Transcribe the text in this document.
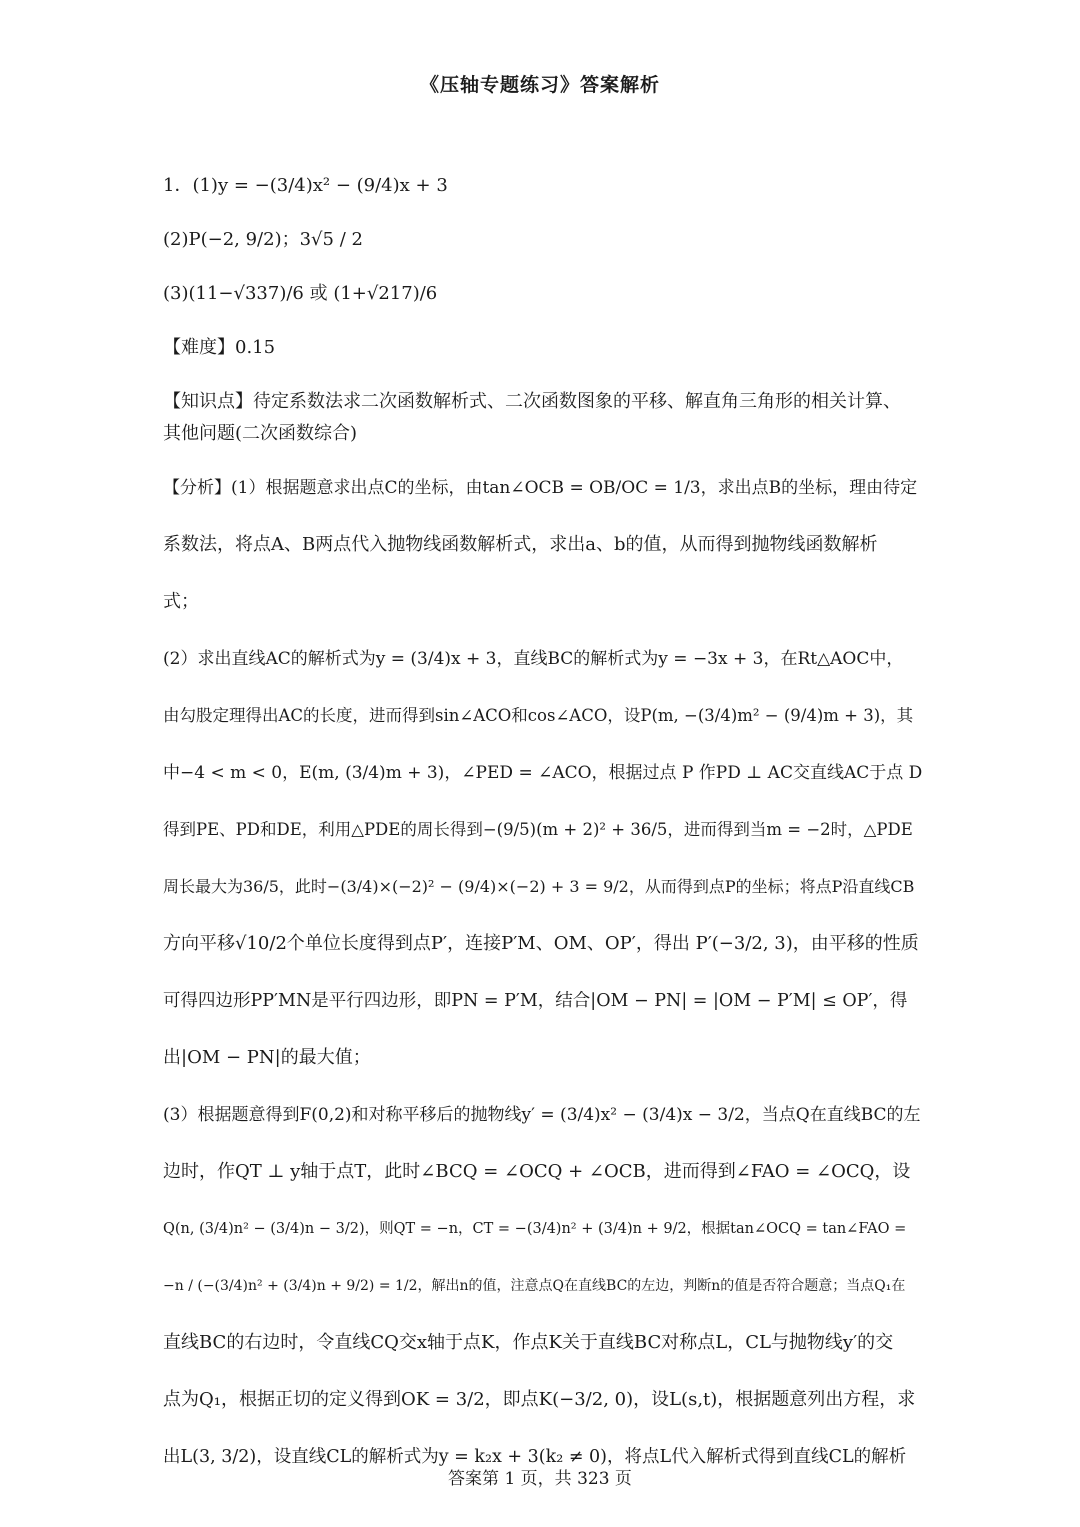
《压轴专题练习》答案解析
1．(1)y = −(3/4)x² − (9/4)x + 3
(2)P(−2, 9/2)；3√5 / 2
(3)(11−√337)/6 或 (1+√217)/6
【难度】0.15
【知识点】待定系数法求二次函数解析式、二次函数图象的平移、解直角三角形的相关计算、
其他问题(二次函数综合)
【分析】(1）根据题意求出点C的坐标，由tan∠OCB = OB/OC = 1/3，求出点B的坐标，理由待定
系数法，将点A、B两点代入抛物线函数解析式，求出a、b的值，从而得到抛物线函数解析
式；
(2）求出直线AC的解析式为y = (3/4)x + 3，直线BC的解析式为y = −3x + 3，在Rt△AOC中，
由勾股定理得出AC的长度，进而得到sin∠ACO和cos∠ACO，设P(m, −(3/4)m² − (9/4)m + 3)，其
中−4 < m < 0，E(m, (3/4)m + 3)，∠PED = ∠ACO，根据过点 P 作PD ⊥ AC交直线AC于点 D
得到PE、PD和DE，利用△PDE的周长得到−(9/5)(m + 2)² + 36/5，进而得到当m = −2时，△PDE
周长最大为36/5，此时−(3/4)×(−2)² − (9/4)×(−2) + 3 = 9/2，从而得到点P的坐标；将点P沿直线CB
方向平移√10/2个单位长度得到点P′，连接P′M、OM、OP′，得出 P′(−3/2, 3)，由平移的性质
可得四边形PP′MN是平行四边形，即PN = P′M，结合|OM − PN| = |OM − P′M| ≤ OP′，得
出|OM − PN|的最大值；
(3）根据题意得到F(0,2)和对称平移后的抛物线y′ = (3/4)x² − (3/4)x − 3/2，当点Q在直线BC的左
边时，作QT ⊥ y轴于点T，此时∠BCQ = ∠OCQ + ∠OCB，进而得到∠FAO = ∠OCQ，设
Q(n, (3/4)n² − (3/4)n − 3/2)，则QT = −n，CT = −(3/4)n² + (3/4)n + 9/2，根据tan∠OCQ = tan∠FAO =
−n / (−(3/4)n² + (3/4)n + 9/2) = 1/2，解出n的值，注意点Q在直线BC的左边，判断n的值是否符合题意；当点Q₁在
直线BC的右边时，令直线CQ交x轴于点K，作点K关于直线BC对称点L，CL与抛物线y′的交
点为Q₁，根据正切的定义得到OK = 3/2，即点K(−3/2, 0)，设L(s,t)，根据题意列出方程，求
出L(3, 3/2)，设直线CL的解析式为y = k₂x + 3(k₂ ≠ 0)，将点L代入解析式得到直线CL的解析
答案第 1 页，共 323 页
